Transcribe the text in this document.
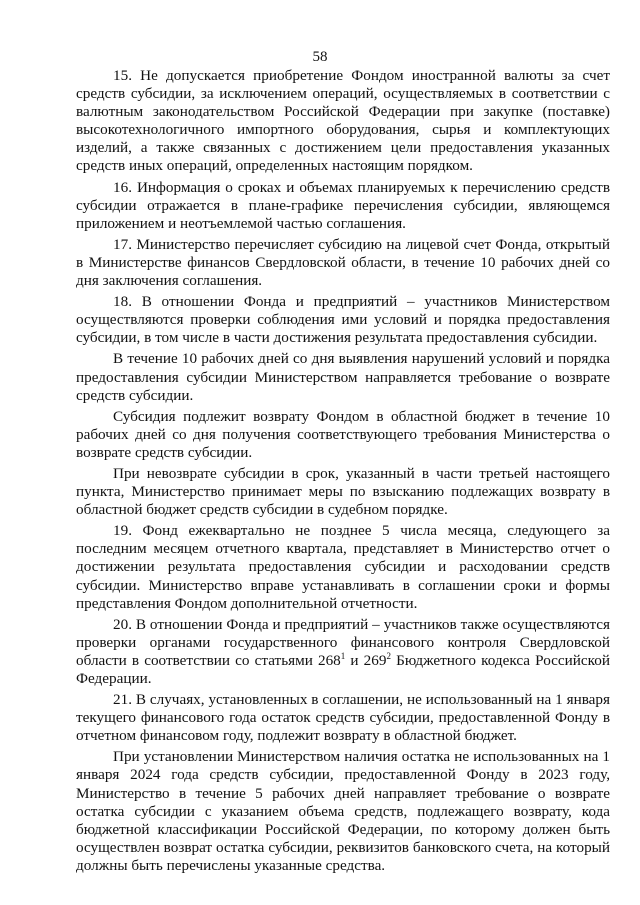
58

15. Не допускается приобретение Фондом иностранной валюты за счет средств субсидии, за исключением операций, осуществляемых в соответствии с валютным законодательством Российской Федерации при закупке (поставке) высокотехнологичного импортного оборудования, сырья и комплектующих изделий, а также связанных с достижением цели предоставления указанных средств иных операций, определенных настоящим порядком.

16. Информация о сроках и объемах планируемых к перечислению средств субсидии отражается в плане-графике перечисления субсидии, являющемся приложением и неотъемлемой частью соглашения.

17. Министерство перечисляет субсидию на лицевой счет Фонда, открытый в Министерстве финансов Свердловской области, в течение 10 рабочих дней со дня заключения соглашения.

18. В отношении Фонда и предприятий – участников Министерством осуществляются проверки соблюдения ими условий и порядка предоставления субсидии, в том числе в части достижения результата предоставления субсидии.

В течение 10 рабочих дней со дня выявления нарушений условий и порядка предоставления субсидии Министерством направляется требование о возврате средств субсидии.

Субсидия подлежит возврату Фондом в областной бюджет в течение 10 рабочих дней со дня получения соответствующего требования Министерства о возврате средств субсидии.

При невозврате субсидии в срок, указанный в части третьей настоящего пункта, Министерство принимает меры по взысканию подлежащих возврату в областной бюджет средств субсидии в судебном порядке.

19. Фонд ежеквартально не позднее 5 числа месяца, следующего за последним месяцем отчетного квартала, представляет в Министерство отчет о достижении результата предоставления субсидии и расходовании средств субсидии. Министерство вправе устанавливать в соглашении сроки и формы представления Фондом дополнительной отчетности.

20. В отношении Фонда и предприятий – участников также осуществляются проверки органами государственного финансового контроля Свердловской области в соответствии со статьями $268^1$ и $269^2$ Бюджетного кодекса Российской Федерации.

21. В случаях, установленных в соглашении, не использованный на 1 января текущего финансового года остаток средств субсидии, предоставленной Фонду в отчетном финансовом году, подлежит возврату в областной бюджет.

При установлении Министерством наличия остатка не использованных на 1 января 2024 года средств субсидии, предоставленной Фонду в 2023 году, Министерство в течение 5 рабочих дней направляет требование о возврате остатка субсидии с указанием объема средств, подлежащего возврату, кода бюджетной классификации Российской Федерации, по которому должен быть осуществлен возврат остатка субсидии, реквизитов банковского счета, на который должны быть перечислены указанные средства.
